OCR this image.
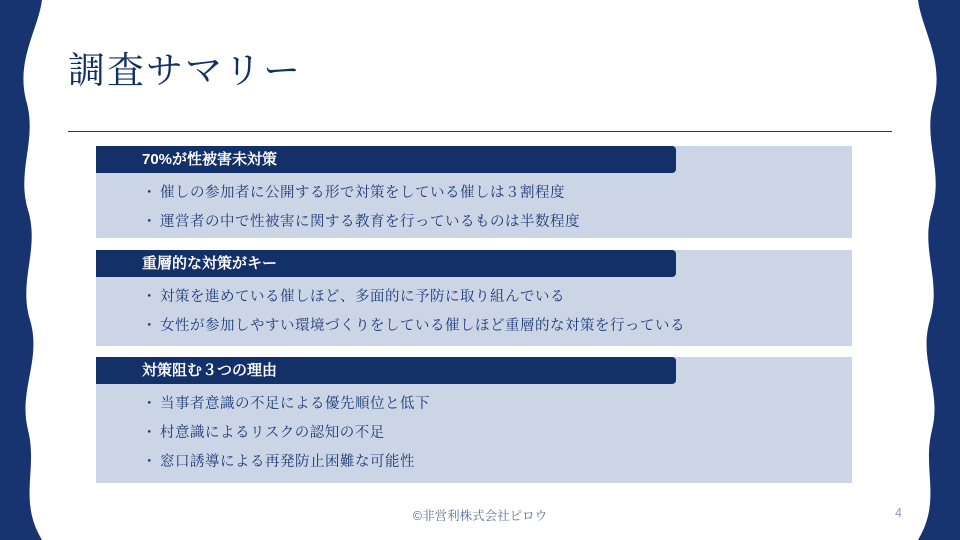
調査サマリー
70%が性被害未対策
・ 催しの参加者に公開する形で対策をしている催しは３割程度
・ 運営者の中で性被害に関する教育を行っているものは半数程度
重層的な対策がキー
・ 対策を進めている催しほど、多面的に予防に取り組んでいる
・ 女性が参加しやすい環境づくりをしている催しほど重層的な対策を行っている
対策阻む３つの理由
・ 当事者意識の不足による優先順位と低下
・ 村意識によるリスクの認知の不足
・ 窓口誘導による再発防止困難な可能性
©非営利株式会社ピロウ	4
